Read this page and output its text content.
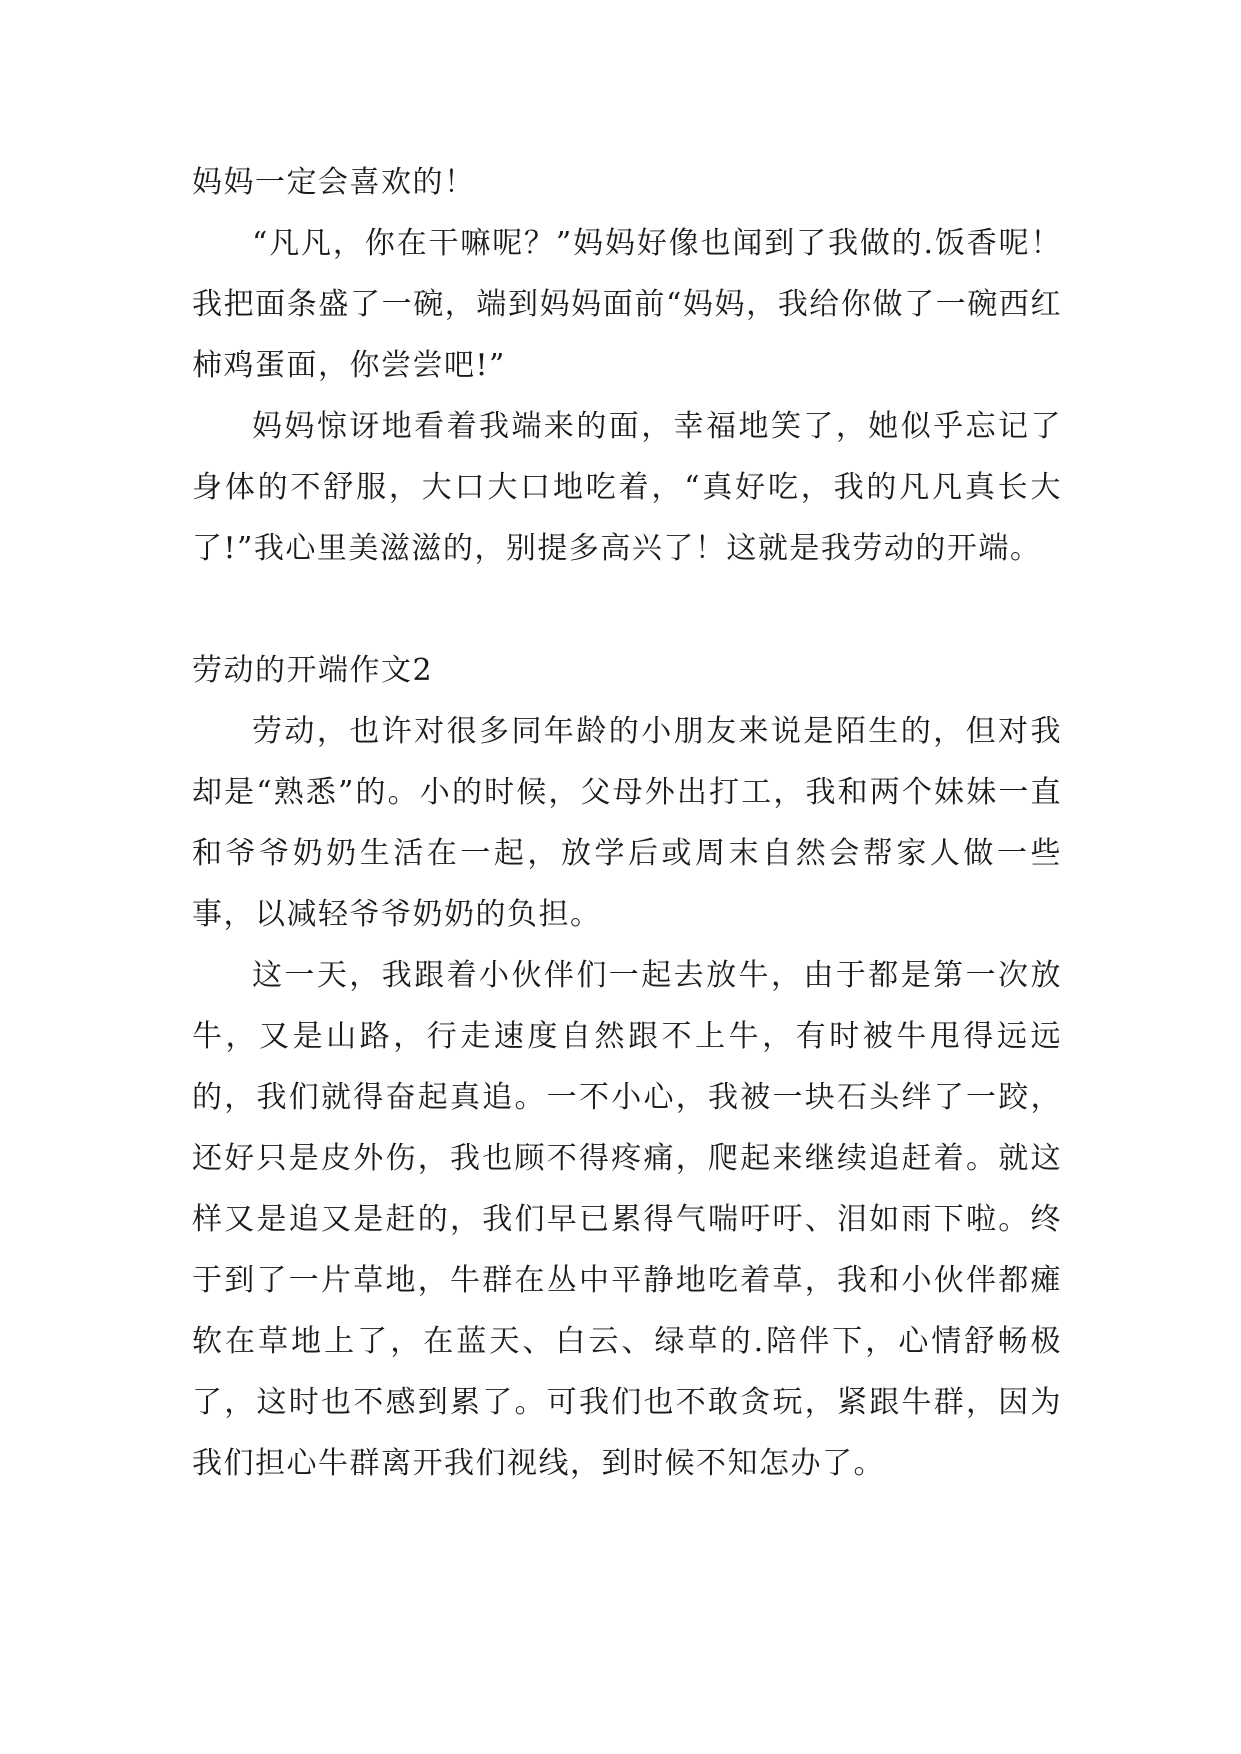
妈妈一定会喜欢的！

“凡凡，你在干嘛呢？”妈妈好像也闻到了我做的.饭香呢！我把面条盛了一碗，端到妈妈面前“妈妈，我给你做了一碗西红柿鸡蛋面，你尝尝吧!”

妈妈惊讶地看着我端来的面，幸福地笑了，她似乎忘记了身体的不舒服，大口大口地吃着，“真好吃，我的凡凡真长大了!”我心里美滋滋的，别提多高兴了！这就是我劳动的开端。

劳动的开端作文2

劳动，也许对很多同年龄的小朋友来说是陌生的，但对我却是“熟悉”的。小的时候，父母外出打工，我和两个妹妹一直和爷爷奶奶生活在一起，放学后或周末自然会帮家人做一些事，以减轻爷爷奶奶的负担。

这一天，我跟着小伙伴们一起去放牛，由于都是第一次放牛，又是山路，行走速度自然跟不上牛，有时被牛甩得远远的，我们就得奋起真追。一不小心，我被一块石头绊了一跤，还好只是皮外伤，我也顾不得疼痛，爬起来继续追赶着。就这样又是追又是赶的，我们早已累得气喘吁吁、泪如雨下啦。终于到了一片草地，牛群在丛中平静地吃着草，我和小伙伴都瘫软在草地上了，在蓝天、白云、绿草的.陪伴下，心情舒畅极了，这时也不感到累了。可我们也不敢贪玩，紧跟牛群，因为我们担心牛群离开我们视线，到时候不知怎办了。
